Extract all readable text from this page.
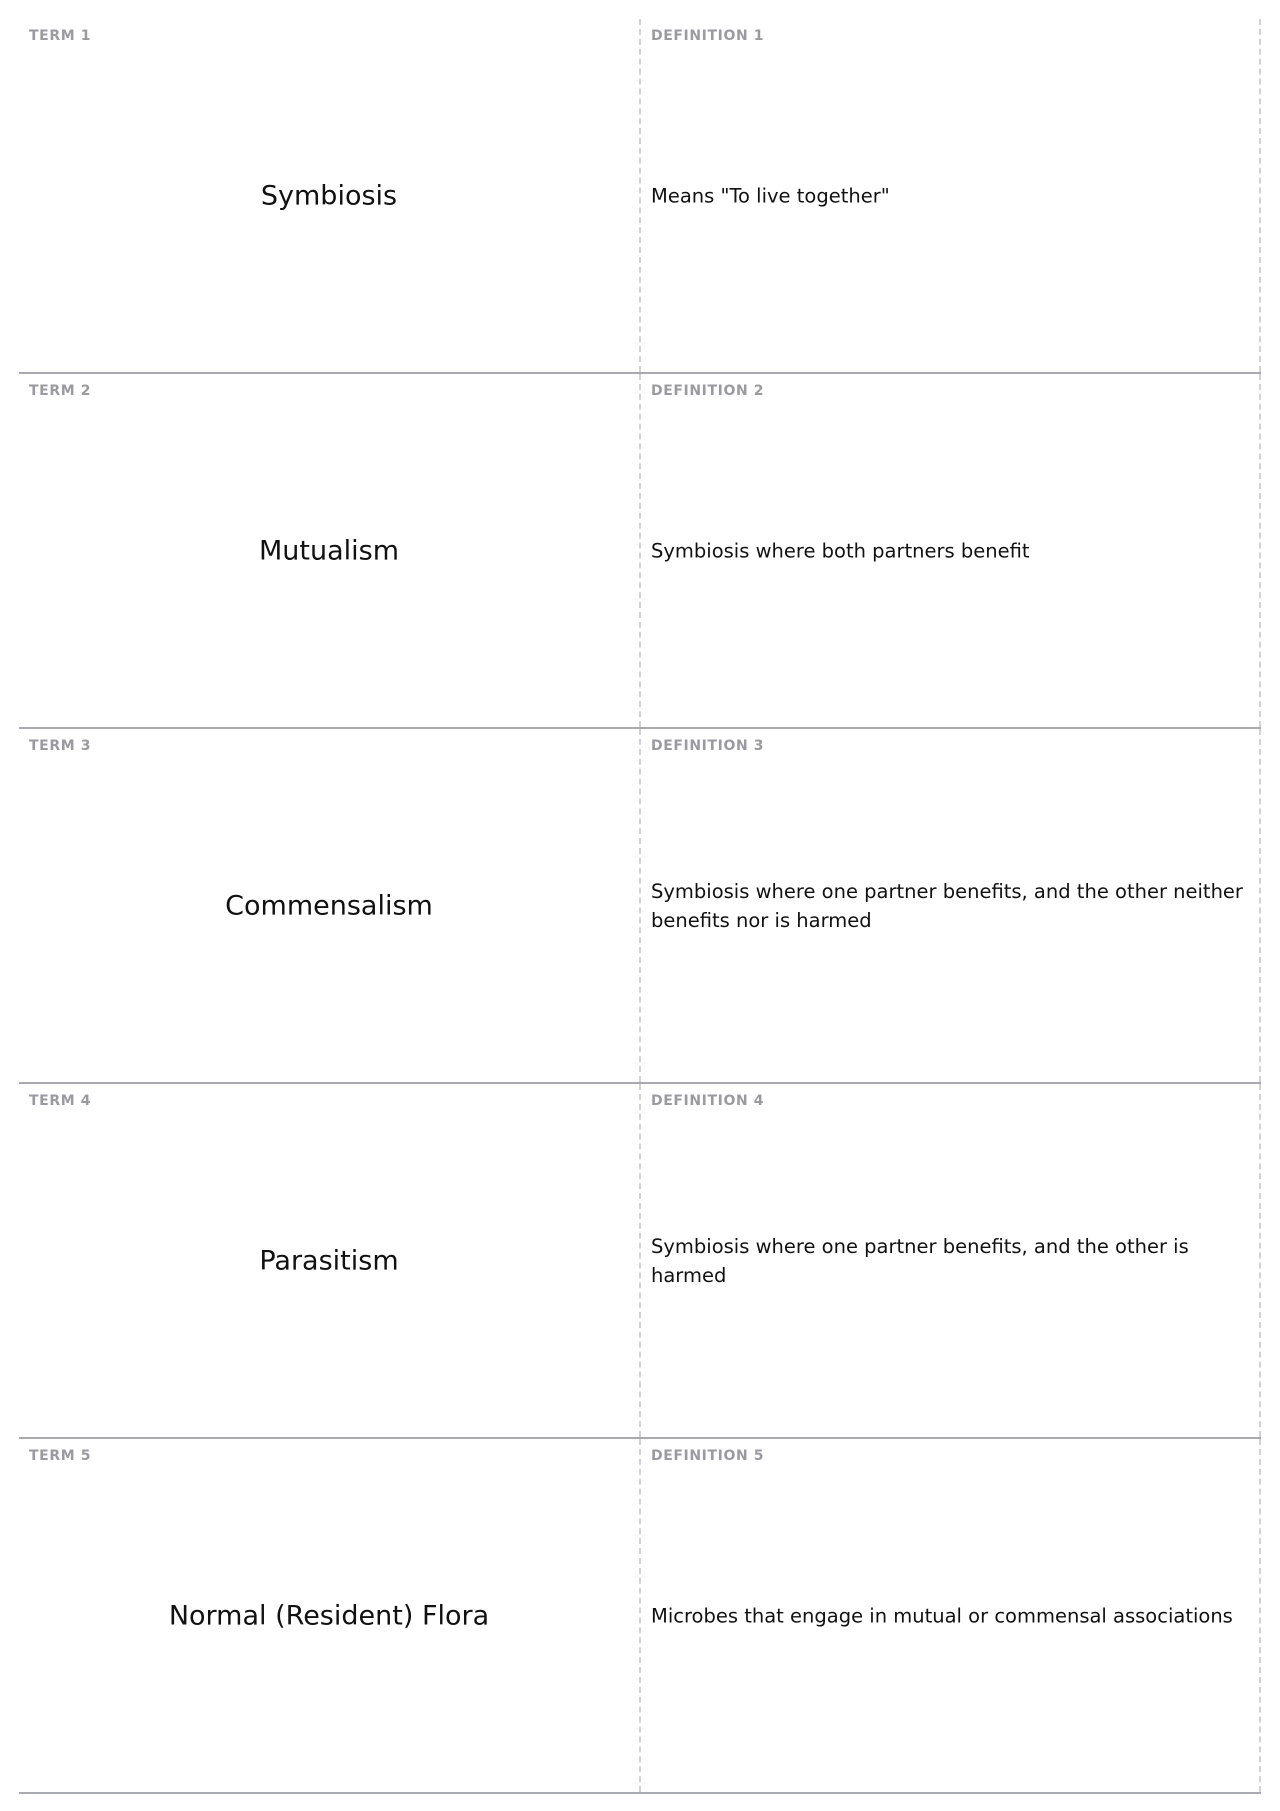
TERM 1
Symbiosis
DEFINITION 1
Means "To live together"
TERM 2
Mutualism
DEFINITION 2
Symbiosis where both partners benefit
TERM 3
Commensalism
DEFINITION 3
Symbiosis where one partner benefits, and the other neither benefits nor is harmed
TERM 4
Parasitism
DEFINITION 4
Symbiosis where one partner benefits, and the other is harmed
TERM 5
Normal (Resident) Flora
DEFINITION 5
Microbes that engage in mutual or commensal associations
